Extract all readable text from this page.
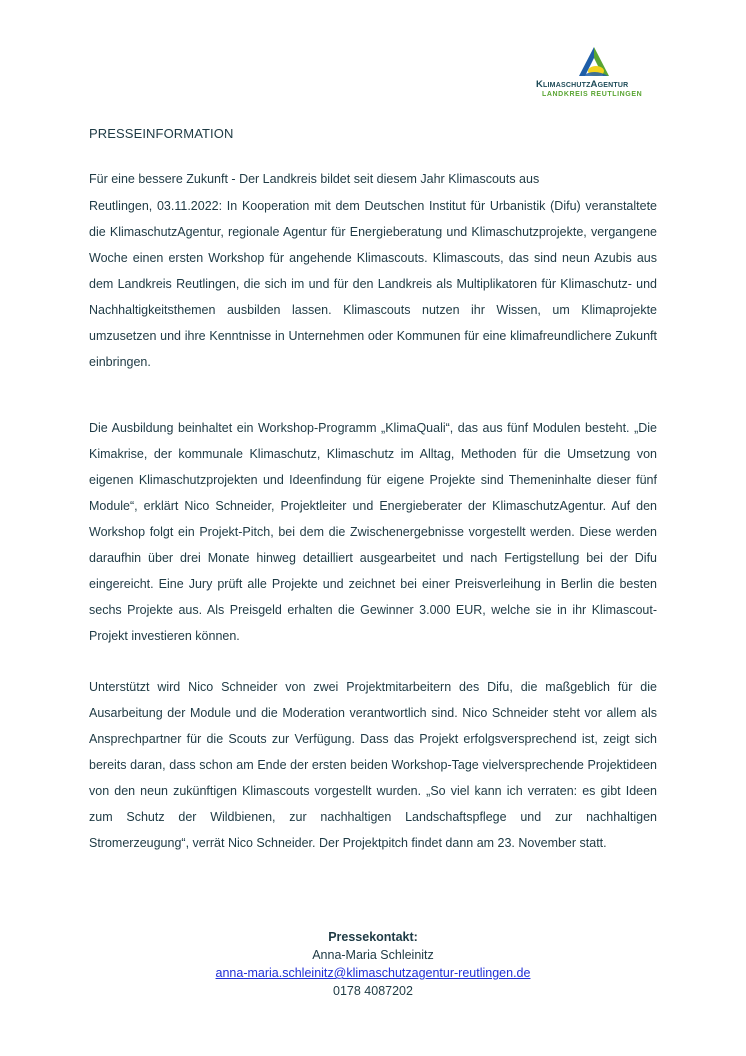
KlimaschutzAgentur
LANDKREIS REUTLINGEN
PRESSEINFORMATION
Für eine bessere Zukunft - Der Landkreis bildet seit diesem Jahr Klimascouts aus

Reutlingen, 03.11.2022: In Kooperation mit dem Deutschen Institut für Urbanistik (Difu) veranstaltete die KlimaschutzAgentur, regionale Agentur für Energieberatung und Klimaschutzprojekte, vergangene Woche einen ersten Workshop für angehende Klimascouts. Klimascouts, das sind neun Azubis aus dem Landkreis Reutlingen, die sich im und für den Landkreis als Multiplikatoren für Klimaschutz- und Nachhaltigkeitsthemen ausbilden lassen. Klimascouts nutzen ihr Wissen, um Klimaprojekte umzusetzen und ihre Kenntnisse in Unternehmen oder Kommunen für eine klimafreundlichere Zukunft einbringen.

Die Ausbildung beinhaltet ein Workshop-Programm „KlimaQuali“, das aus fünf Modulen besteht. „Die Kimakrise, der kommunale Klimaschutz, Klimaschutz im Alltag, Methoden für die Umsetzung von eigenen Klimaschutzprojekten und Ideenfindung für eigene Projekte sind Themeninhalte dieser fünf Module“, erklärt Nico Schneider, Projektleiter und Energieberater der KlimaschutzAgentur. Auf den Workshop folgt ein Projekt-Pitch, bei dem die Zwischenergebnisse vorgestellt werden. Diese werden daraufhin über drei Monate hinweg detailliert ausgearbeitet und nach Fertigstellung bei der Difu eingereicht. Eine Jury prüft alle Projekte und zeichnet bei einer Preisverleihung in Berlin die besten sechs Projekte aus. Als Preisgeld erhalten die Gewinner 3.000 EUR, welche sie in ihr Klimascout-Projekt investieren können.

Unterstützt wird Nico Schneider von zwei Projektmitarbeitern des Difu, die maßgeblich für die Ausarbeitung der Module und die Moderation verantwortlich sind. Nico Schneider steht vor allem als Ansprechpartner für die Scouts zur Verfügung. Dass das Projekt erfolgsversprechend ist, zeigt sich bereits daran, dass schon am Ende der ersten beiden Workshop-Tage vielversprechende Projektideen von den neun zukünftigen Klimascouts vorgestellt wurden. „So viel kann ich verraten: es gibt Ideen zum Schutz der Wildbienen, zur nachhaltigen Landschaftspflege und zur nachhaltigen Stromerzeugung“, verrät Nico Schneider. Der Projektpitch findet dann am 23. November statt.

Pressekontakt:
Anna-Maria Schleinitz
anna-maria.schleinitz@klimaschutzagentur-reutlingen.de
0178 4087202
